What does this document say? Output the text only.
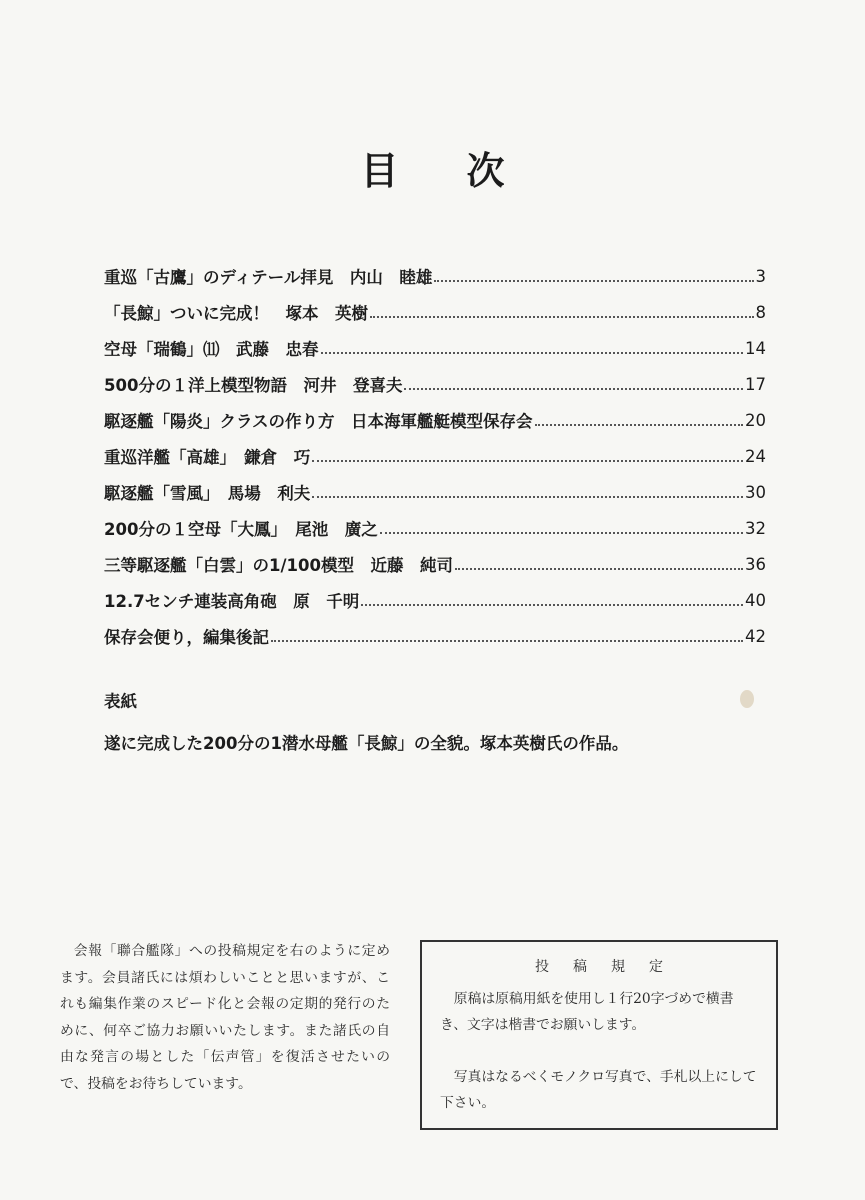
目 次
重巡「古鷹」のディテール拝見　内山　睦雄	3
「長鯨」ついに完成！　塚本　英樹	8
空母「瑞鶴」⑾　武藤　忠春	14
500分の１洋上模型物語　河井　登喜夫	17
駆逐艦「陽炎」クラスの作り方　日本海軍艦艇模型保存会	20
重巡洋艦「高雄」　鎌倉　巧	24
駆逐艦「雪風」　馬場　利夫	30
200分の１空母「大鳳」　尾池　廣之	32
三等駆逐艦「白雲」の1/100模型　近藤　純司	36
12.7センチ連装高角砲　原　千明	40
保存会便り，編集後記	42
表紙
遂に完成した200分の1潜水母艦「長鯨」の全貌。塚本英樹氏の作品。
会報「聯合艦隊」への投稿規定を右のように定めます。会員諸氏には煩わしいことと思いますが、これも編集作業のスピード化と会報の定期的発行のために、何卒ご協力お願いいたします。また諸氏の自由な発言の場とした「伝声管」を復活させたいので、投稿をお待ちしています。
投稿規定
原稿は原稿用紙を使用し１行20字づめで横書き、文字は楷書でお願いします。
写真はなるべくモノクロ写真で、手札以上にして下さい。
